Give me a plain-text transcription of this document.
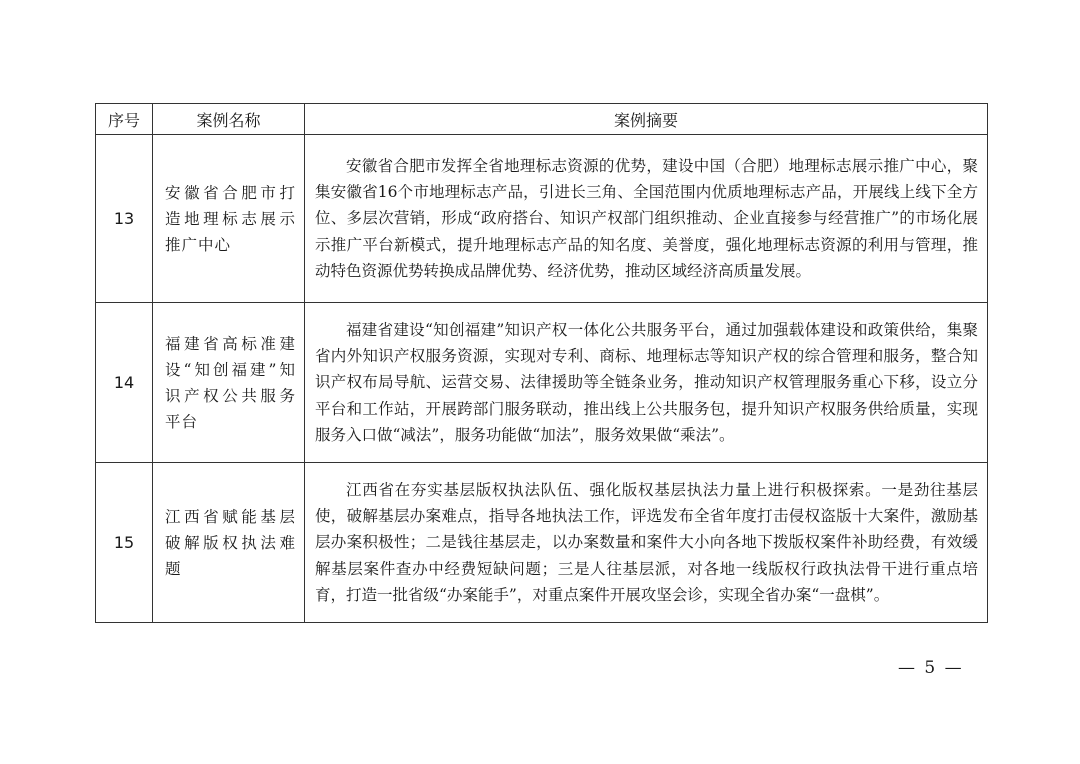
序号	案例名称	案例摘要
13	安徽省合肥市打造地理标志展示推广中心	安徽省合肥市发挥全省地理标志资源的优势，建设中国（合肥）地理标志展示推广中心，聚集安徽省16个市地理标志产品，引进长三角、全国范围内优质地理标志产品，开展线上线下全方位、多层次营销，形成“政府搭台、知识产权部门组织推动、企业直接参与经营推广”的市场化展示推广平台新模式，提升地理标志产品的知名度、美誉度，强化地理标志资源的利用与管理，推动特色资源优势转换成品牌优势、经济优势，推动区域经济高质量发展。

14	福建省高标准建设“知创福建”知识产权公共服务平台	福建省建设“知创福建”知识产权一体化公共服务平台，通过加强载体建设和政策供给，集聚省内外知识产权服务资源，实现对专利、商标、地理标志等知识产权的综合管理和服务，整合知识产权布局导航、运营交易、法律援助等全链条业务，推动知识产权管理服务重心下移，设立分平台和工作站，开展跨部门服务联动，推出线上公共服务包，提升知识产权服务供给质量，实现服务入口做“减法”，服务功能做“加法”，服务效果做“乘法”。

15	江西省赋能基层破解版权执法难题	江西省在夯实基层版权执法队伍、强化版权基层执法力量上进行积极探索。一是劲往基层使，破解基层办案难点，指导各地执法工作，评选发布全省年度打击侵权盗版十大案件，激励基层办案积极性；二是钱往基层走，以办案数量和案件大小向各地下拨版权案件补助经费，有效缓解基层案件查办中经费短缺问题；三是人往基层派，对各地一线版权行政执法骨干进行重点培育，打造一批省级“办案能手”，对重点案件开展攻坚会诊，实现全省办案“一盘棋”。

— 5 —
